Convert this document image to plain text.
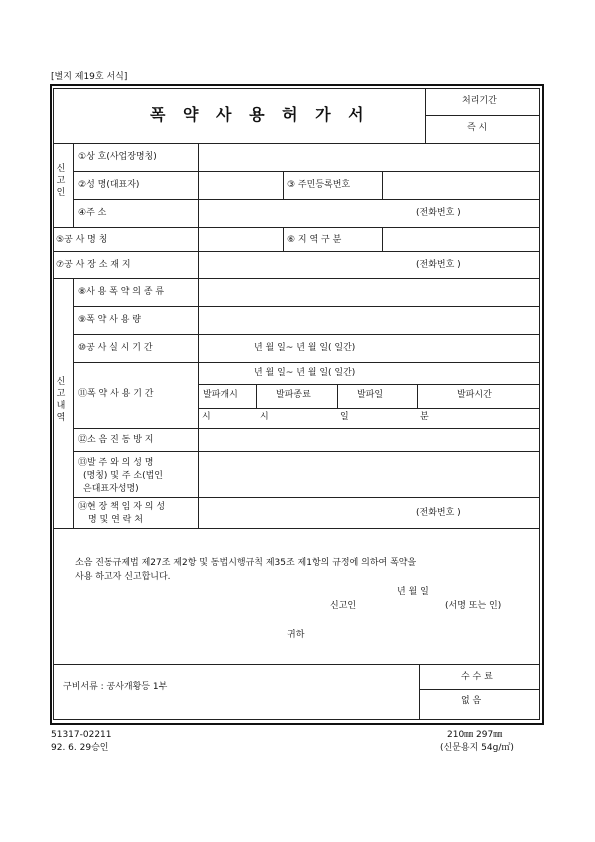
[별지 제19호 서식]
폭 약 사 용 허 가 서
처리기간
즉 시
신
고
인
①상 호(사업장명칭)
②성 명(대표자)	③ 주민등록번호
④주 소	(전화번호 )
⑤공 사 명 칭	⑥ 지 역 구 분
⑦공 사 장 소 재 지	(전화번호 )
신
고
내
역
⑧사 용 폭 약 의 종 류
⑨폭 약 사 용 량
⑩공 사 실 시 기 간	년 월 일~ 년 월 일( 일간)
⑪폭 약 사 용 기 간
년 월 일~ 년 월 일( 일간)
발파개시	발파종료	발파일	발파시간
시	시	일	분
⑫소 음 진 동 방 지
⑬발 주 와 의 성 명
(명칭) 및 주 소(법인
은대표자성명)
⑭현 장 책 임 자 의 성
명 및 연 락 처
(전화번호 )
소음 진동규제법 제27조 제2항 및 동법시행규칙 제35조 제1항의 규정에 의하여 폭약을
사용 하고자 신고합니다.
년 월 일
신고인	(서명 또는 인)
귀하
구비서류 : 공사개황등 1부
수 수 료
없 음
51317-02211
92. 6. 29승인
210㎜ 297㎜
(신문용지 54g/㎡)
